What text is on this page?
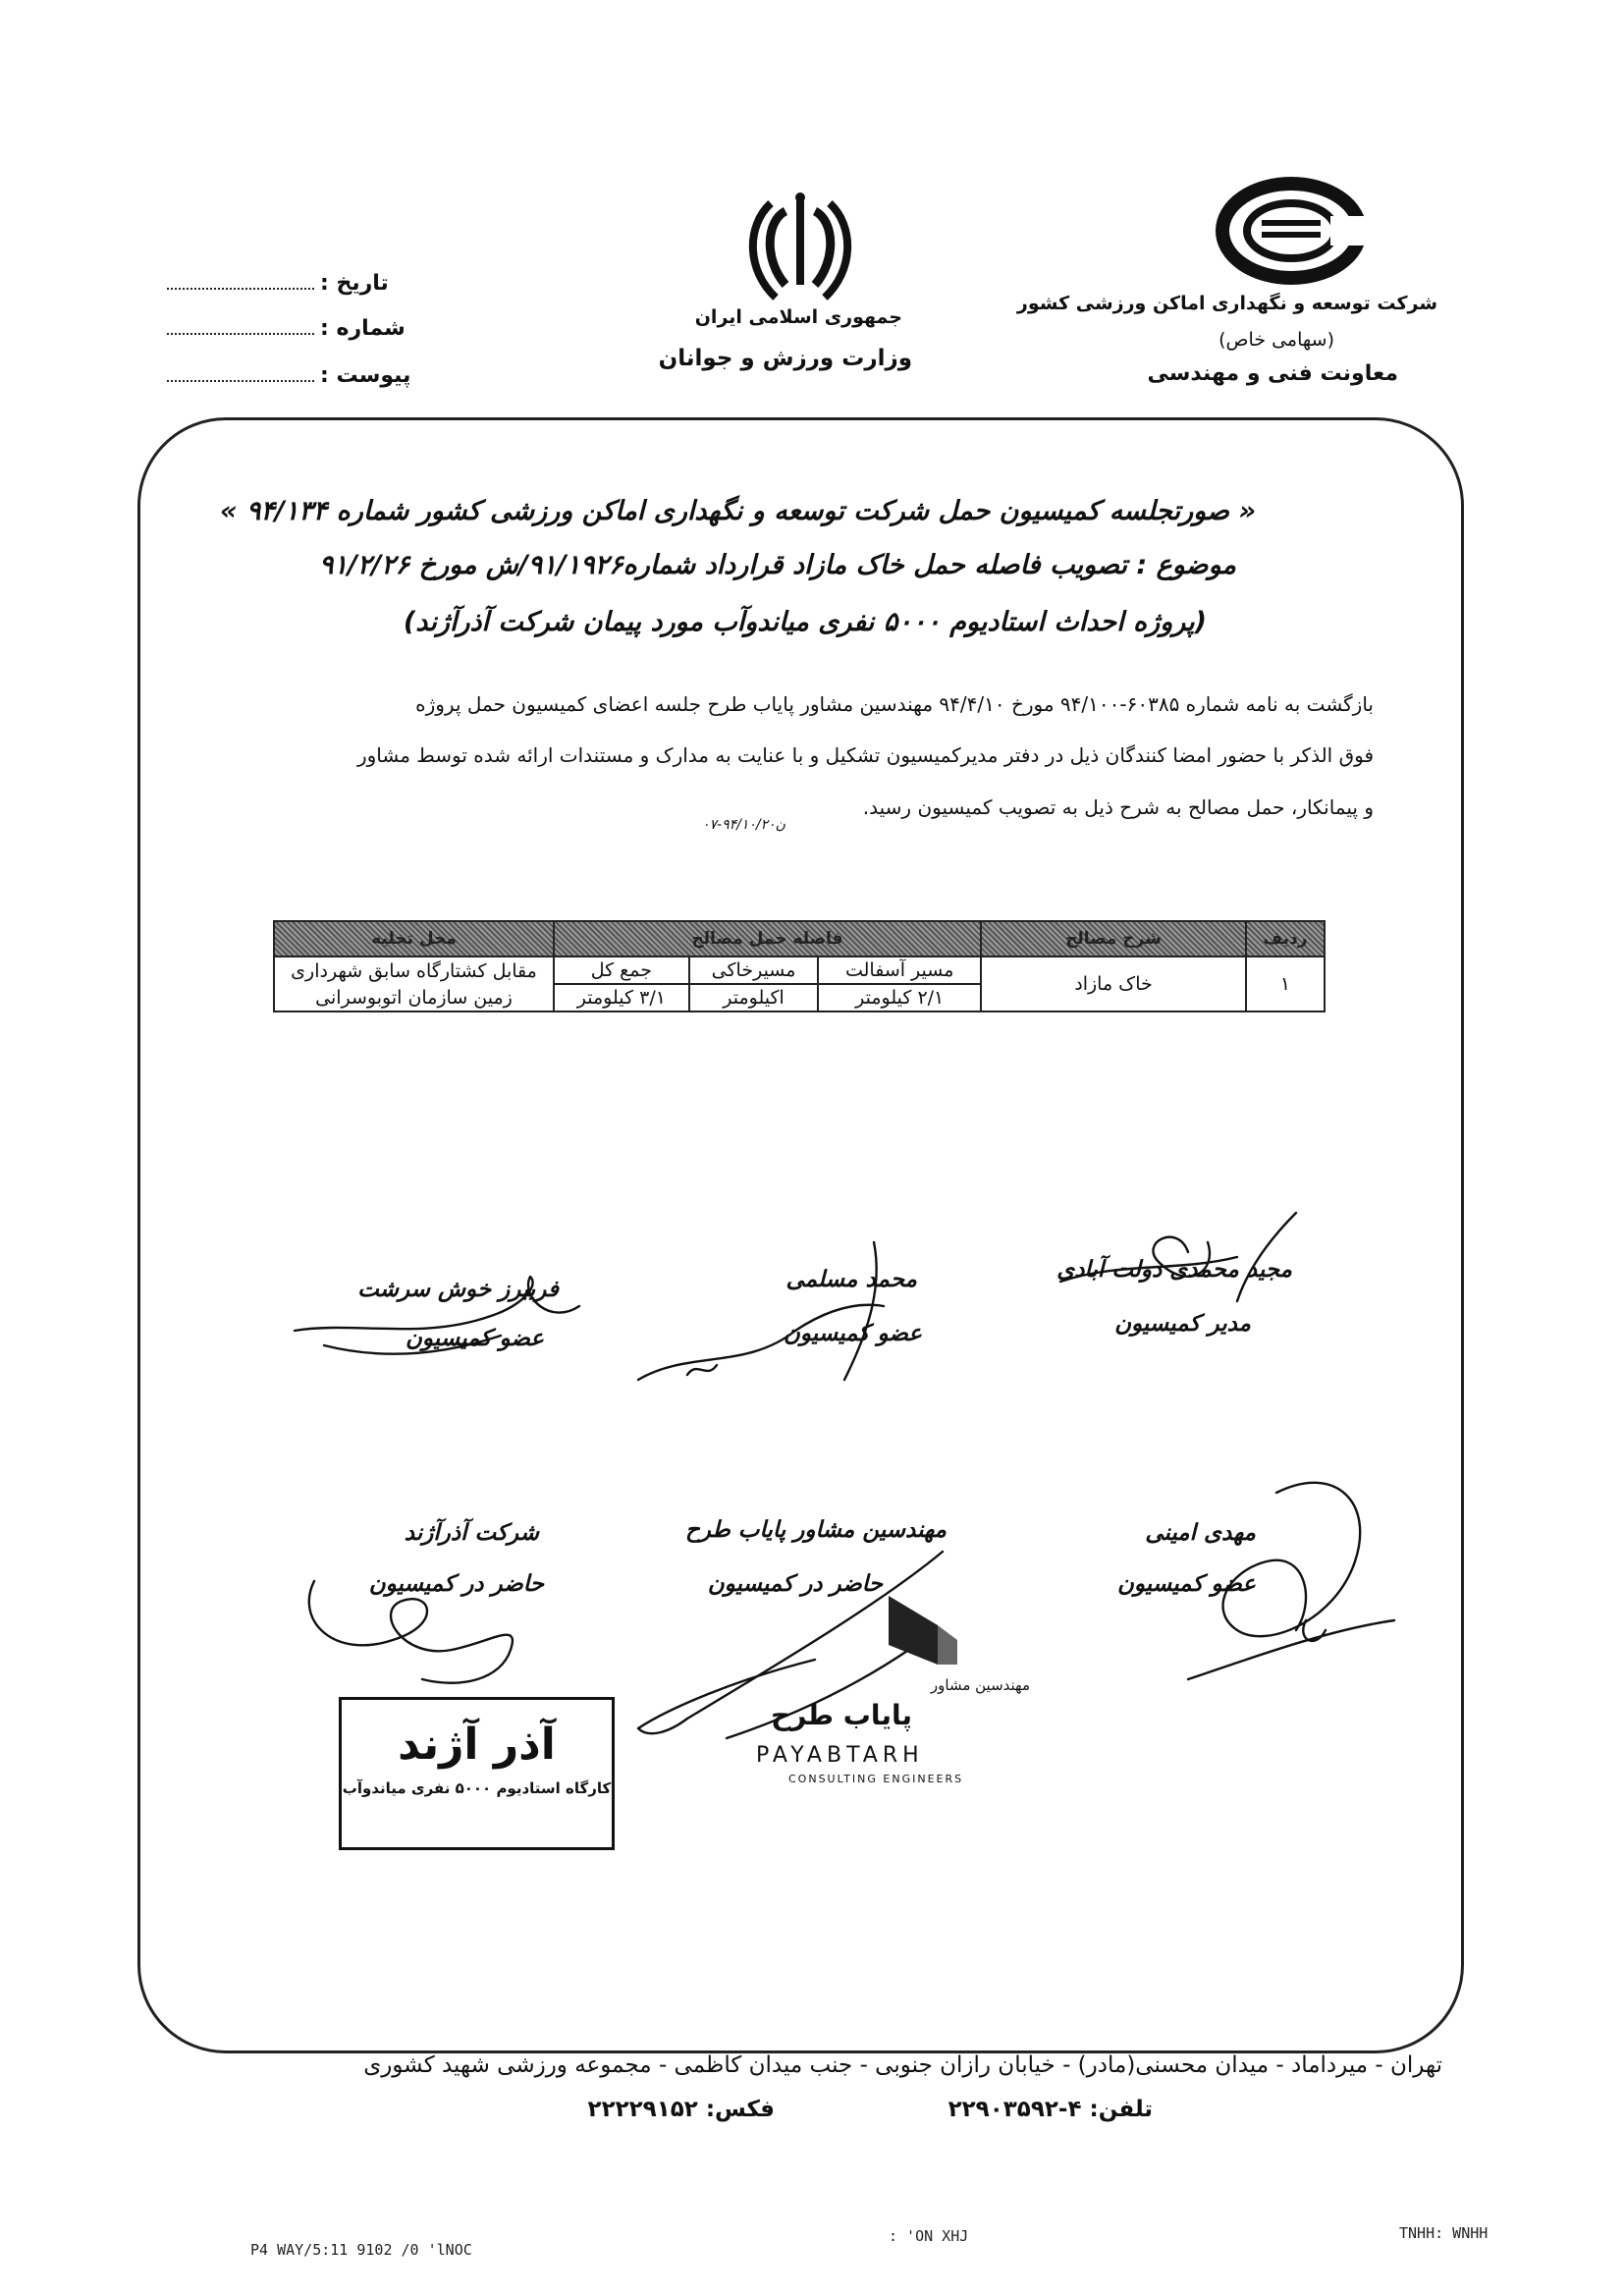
شرکت توسعه و نگهداری اماکن ورزشی کشور
(سهامی خاص)
معاونت فنی و مهندسی
جمهوری اسلامی ایران
وزارت ورزش و جوانان
تاریخ :
شماره :
پیوست :
« صورتجلسه کمیسیون حمل شرکت توسعه و نگهداری اماکن ورزشی کشور شماره ۹۴/۱۳۴ »
موضوع : تصویب فاصله حمل خاک مازاد قرارداد شماره۹۱/۱۹۲۶/ش مورخ ۹۱/۲/۲۶
(پروژه احداث استادیوم ۵۰۰۰ نفری میاندوآب مورد پیمان شرکت آذرآژند)
بازگشت به نامه شماره ۶۰۳۸۵-۹۴/۱۰۰ مورخ ۹۴/۴/۱۰ مهندسین مشاور پایاب طرح جلسه اعضای کمیسیون حمل پروژه
فوق الذکر با حضور امضا کنندگان ذیل در دفتر مدیرکمیسیون تشکیل و با عنایت به مدارک و مستندات ارائه شده توسط مشاور
و پیمانکار، حمل مصالح به شرح ذیل به تصویب کمیسیون رسید.
ن۹۴/۱۰/۲۰-۰۷
ردیف	شرح مصالح	فاصله حمل مصالح			محل تخلیه
۱	خاک مازاد	مسیر آسفالت	مسیرخاکی	جمع کل	مقابل کشتارگاه سابق شهرداری
		۲/۱ کیلومتر	اکیلومتر	۳/۱ کیلومتر	زمین سازمان اتوبوسرانی
مجید محمدی دولت آبادی
مدیر کمیسیون
محمد مسلمی
عضو کمیسیون
فریبرز خوش سرشت
عضو کمیسیون
مهدی امینی
عضو کمیسیون
مهندسین مشاور پایاب طرح
حاضر در کمیسیون
شرکت آذرآژند
حاضر در کمیسیون
آذر آژند
کارگاه استادیوم ۵۰۰۰ نفری میاندوآب
مهندسین مشاور
پایاب طرح
PAYABTARH
CONSULTING ENGINEERS
تهران - میرداماد - میدان محسنی(مادر) - خیابان رازان جنوبی - جنب میدان کاظمی - مجموعه ورزشی شهید کشوری
تلفن: ۴-۲۲۹۰۳۵۹۲
فکس: ۲۲۲۲۹۱۵۲
P4 WAY/5:11 9102 /0 'lNOC
: 'ON XHJ	TNHH: WNHH
